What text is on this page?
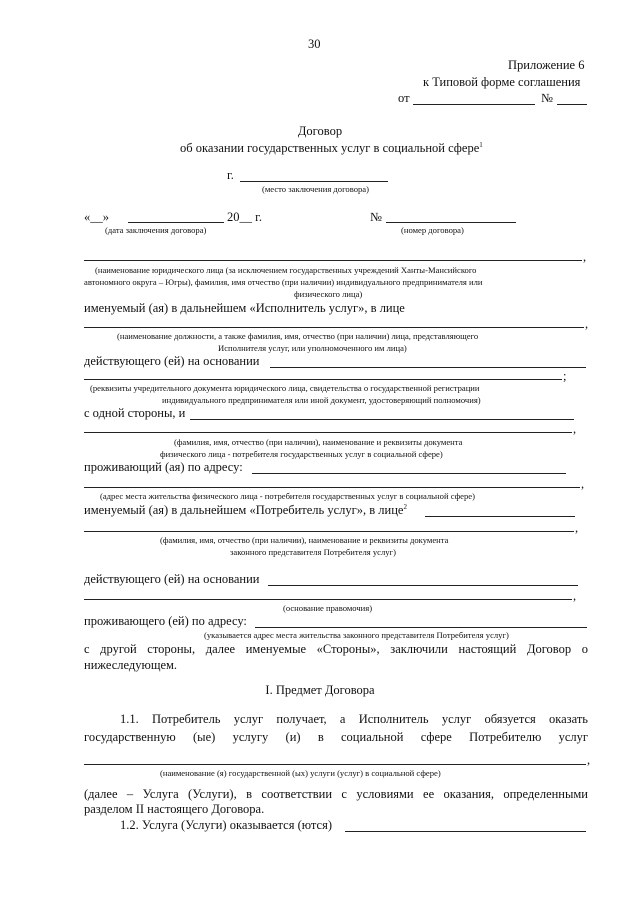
30
Приложение 6
к Типовой форме соглашения
от	№
Договор
об оказании государственных услуг в социальной сфере$^1$
г.
(место заключения договора)
«__»	20__ г.
(дата заключения договора)
№
(номер договора)
,
(наименование юридического лица (за исключением государственных учреждений Ханты-Мансийского
автономного округа – Югры), фамилия, имя отчество (при наличии) индивидуального предпринимателя или
физического лица)
именуемый (ая) в дальнейшем «Исполнитель услуг», в лице
,
(наименование должности, а также фамилия, имя, отчество (при наличии) лица, представляющего
Исполнителя услуг, или уполномоченного им лица)
действующего (ей) на основании
;
(реквизиты учредительного документа юридического лица, свидетельства о государственной регистрации
индивидуального предпринимателя или иной документ, удостоверяющий полномочия)
с одной стороны, и
,
(фамилия, имя, отчество (при наличии), наименование и реквизиты документа
физического лица - потребителя государственных услуг в социальной сфере)
проживающий (ая) по адресу:
,
(адрес места жительства физического лица - потребителя государственных услуг в социальной сфере)
именуемый (ая) в дальнейшем «Потребитель услуг», в лице$^2$
,
(фамилия, имя, отчество (при наличии), наименование и реквизиты документа
законного представителя Потребителя услуг)
действующего (ей) на основании
,
(основание правомочия)
проживающего (ей) по адресу:
(указывается адрес места жительства законного представителя Потребителя услуг)
с другой стороны, далее именуемые «Стороны», заключили настоящий Договор о
нижеследующем.
I. Предмет Договора
1.1. Потребитель услуг получает, а Исполнитель услуг обязуется оказать
государственную (ые) услугу (и) в социальной сфере Потребителю услуг
,
(наименование (я) государственной (ых) услуги (услуг) в социальной сфере)
(далее – Услуга (Услуги), в соответствии с условиями ее оказания, определенными
разделом II настоящего Договора.
1.2. Услуга (Услуги) оказывается (ются)
